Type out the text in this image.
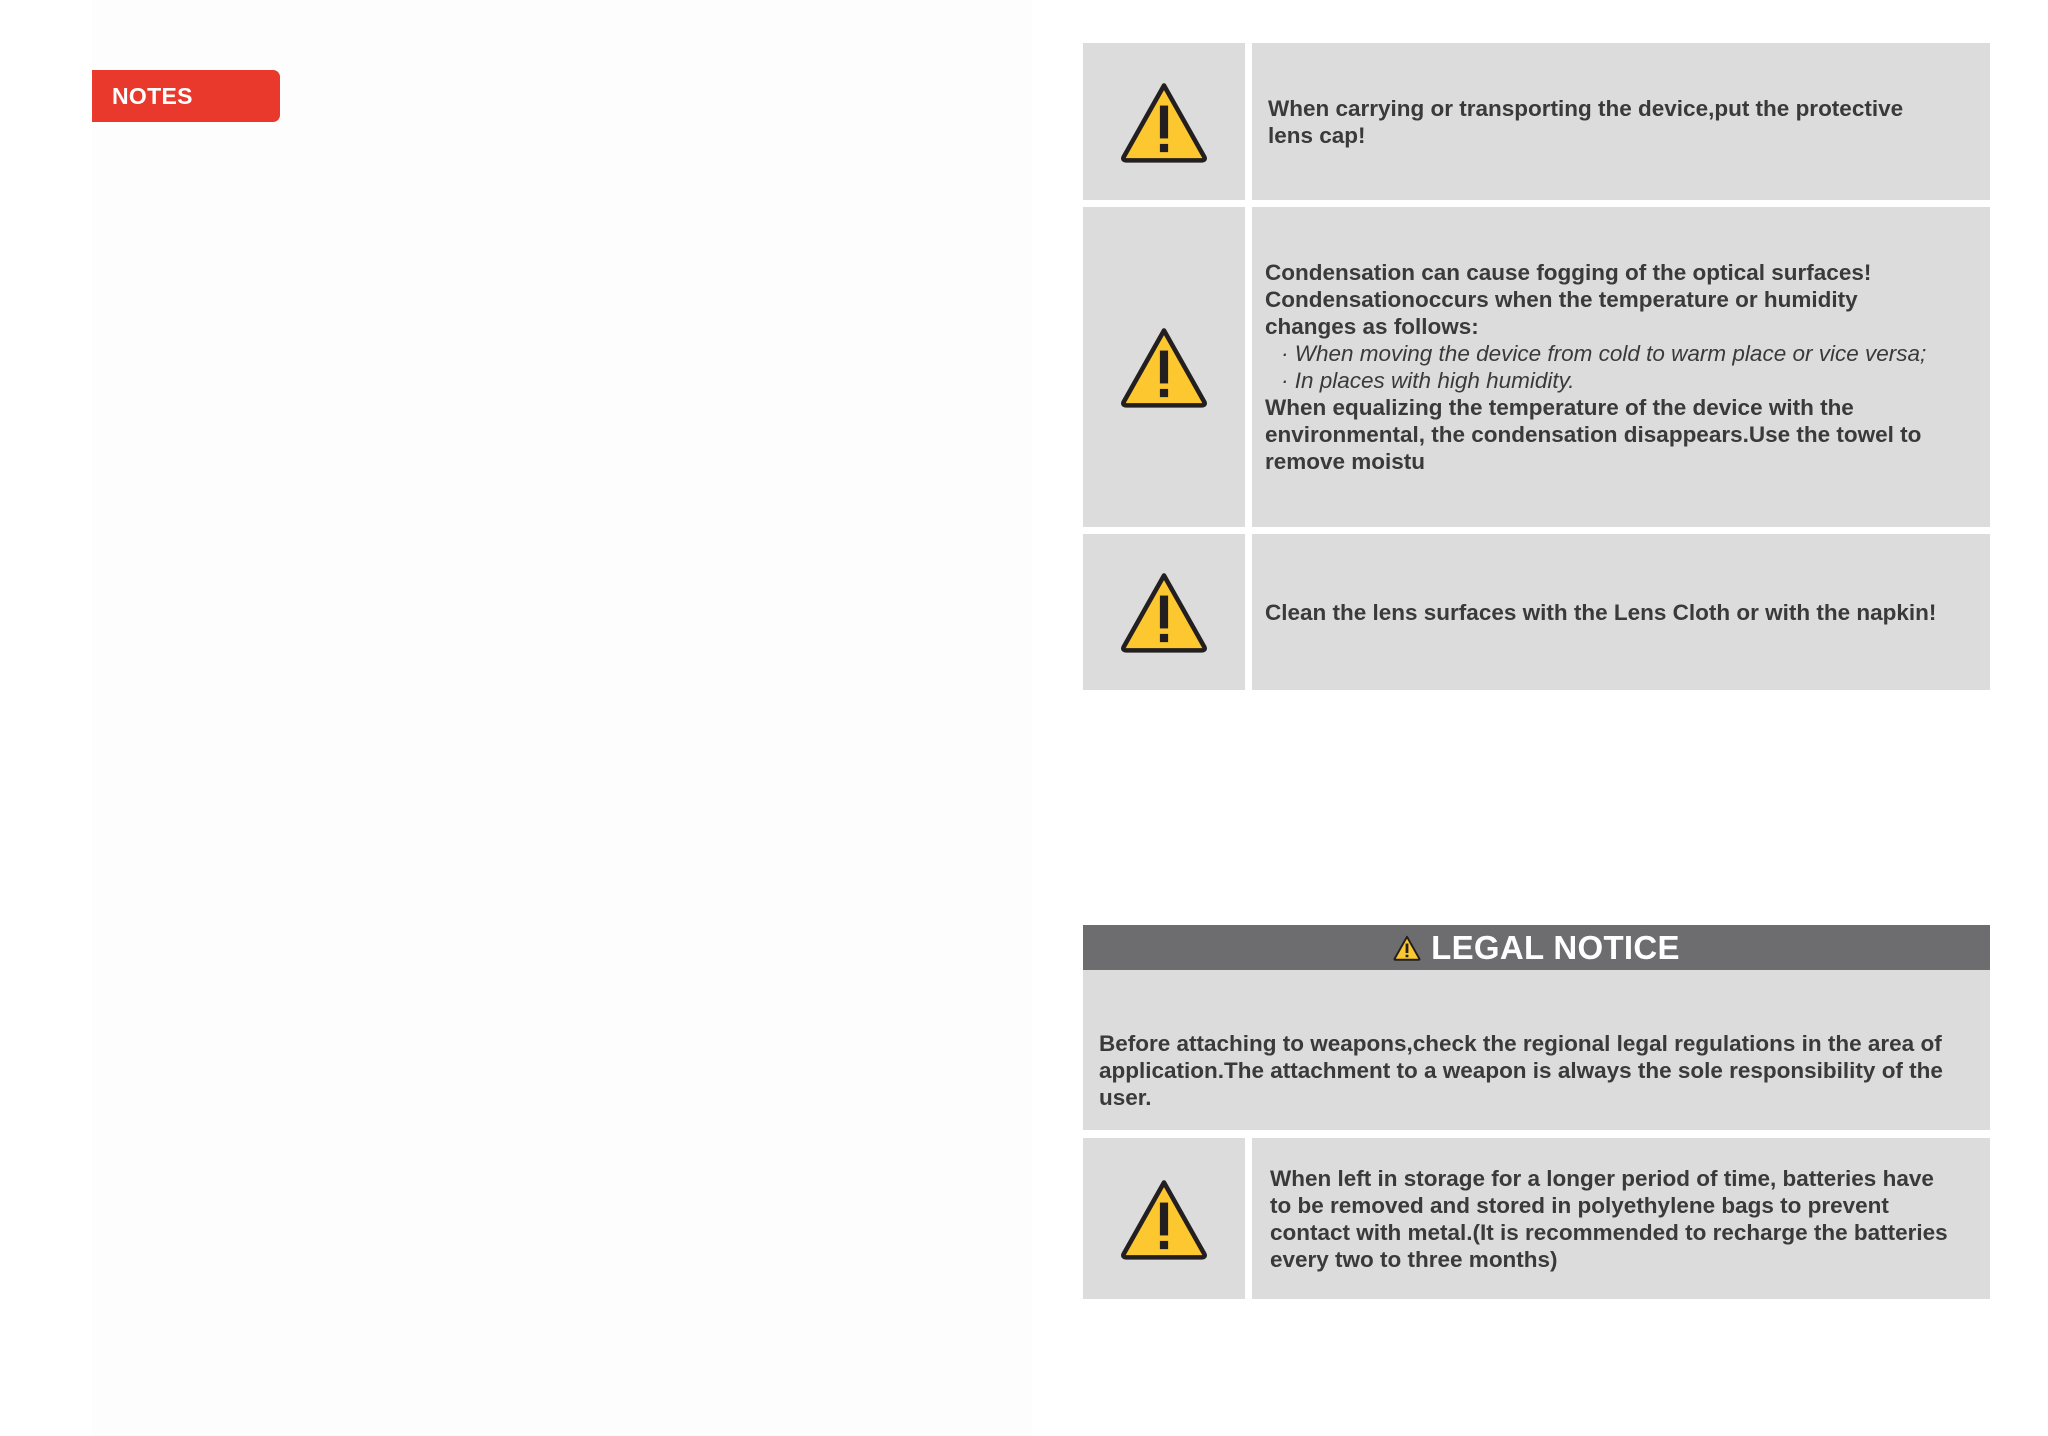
NOTES	When carrying or transporting the device,put the protective
lens cap!
Condensation can cause fogging of the optical surfaces!
Condensationoccurs when the temperature or humidity
changes as follows:
· When moving the device from cold to warm place or vice versa;
· In places with high humidity.
When equalizing the temperature of the device with the
environmental, the condensation disappears.Use the towel to
remove moistu
Clean the lens surfaces with the Lens Cloth or with the napkin!
LEGAL NOTICE
Before attaching to weapons,check the regional legal regulations in the area of
application.The attachment to a weapon is always the sole responsibility of the
user.
When left in storage for a longer period of time, batteries have
to be removed and stored in polyethylene bags to prevent
contact with metal.(It is recommended to recharge the batteries
every two to three months)
